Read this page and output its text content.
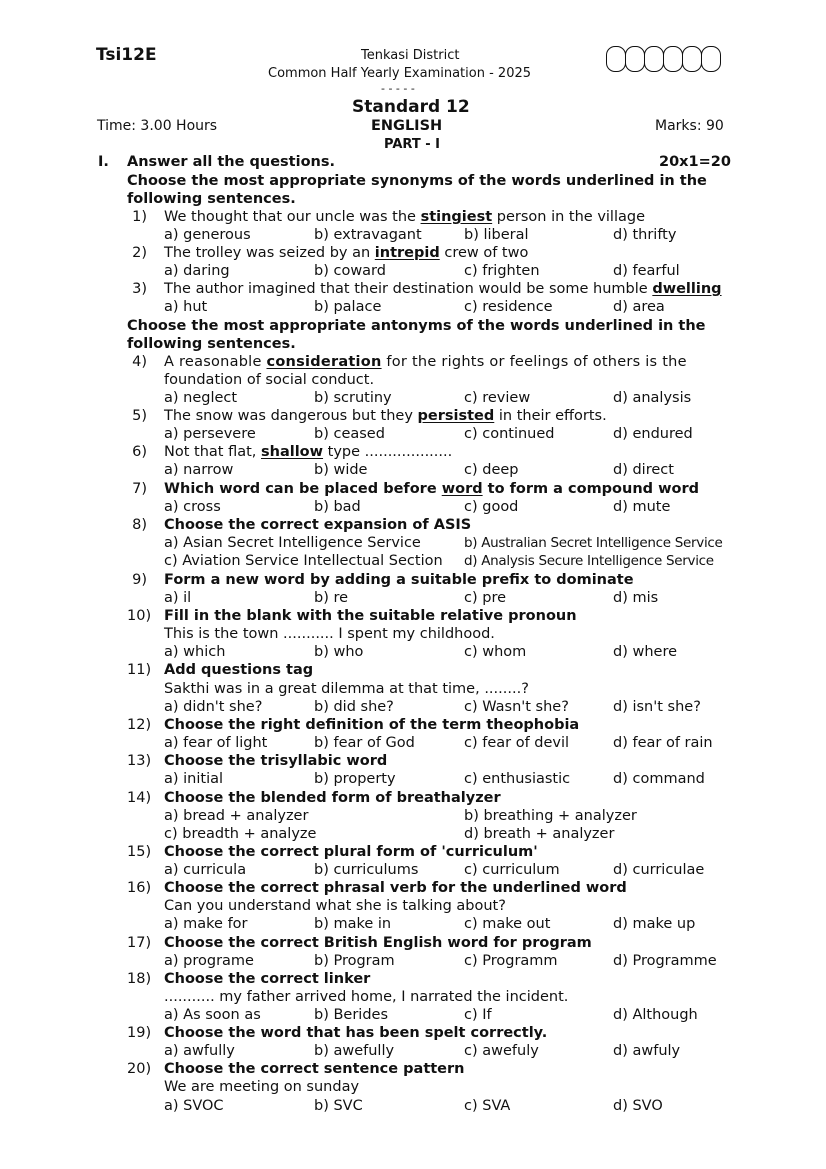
Tsi12E	Tenkasi District
Common Half Yearly Examination - 2025
- - - - -
Standard 12
Time: 3.00 Hours	ENGLISH	Marks: 90
PART - I
I. Answer all the questions.	20x1=20
Choose the most appropriate synonyms of the words underlined in the
following sentences.
1) We thought that our uncle was the stingiest person in the village
a) generous	b) extravagant	b) liberal	d) thrifty
2) The trolley was seized by an intrepid crew of two
a) daring	b) coward	c) frighten	d) fearful
3) The author imagined that their destination would be some humble dwelling
a) hut	b) palace	c) residence	d) area
Choose the most appropriate antonyms of the words underlined in the
following sentences.
4) A reasonable consideration for the rights or feelings of others is the
foundation of social conduct.
a) neglect	b) scrutiny	c) review	d) analysis
5) The snow was dangerous but they persisted in their efforts.
a) persevere	b) ceased	c) continued	d) endured
6) Not that flat, shallow type ...................
a) narrow	b) wide	c) deep	d) direct
7) Which word can be placed before word to form a compound word
a) cross	b) bad	c) good	d) mute
8) Choose the correct expansion of ASIS
a) Asian Secret Intelligence Service	b) Australian Secret Intelligence Service
c) Aviation Service Intellectual Section d) Analysis Secure Intelligence Service
9) Form a new word by adding a suitable prefix to dominate
a) il	b) re	c) pre	d) mis
10) Fill in the blank with the suitable relative pronoun
This is the town ........... I spent my childhood.
a) which	b) who	c) whom	d) where
11) Add questions tag
Sakthi was in a great dilemma at that time, ........?
a) didn't she?	b) did she?	c) Wasn't she?	d) isn't she?
12) Choose the right definition of the term theophobia
a) fear of light	b) fear of God	c) fear of devil	d) fear of rain
13) Choose the trisyllabic word
a) initial	b) property	c) enthusiastic	d) command
14) Choose the blended form of breathalyzer
a) bread + analyzer	b) breathing + analyzer
c) breadth + analyze	d) breath + analyzer
15) Choose the correct plural form of 'curriculum'
a) curricula	b) curriculums	c) curriculum	d) curriculae
16) Choose the correct phrasal verb for the underlined word
Can you understand what she is talking about?
a) make for	b) make in	c) make out	d) make up
17) Choose the correct British English word for program
a) programe	b) Program	c) Programm	d) Programme
18) Choose the correct linker
........... my father arrived home, I narrated the incident.
a) As soon as	b) Berides	c) If	d) Although
19) Choose the word that has been spelt correctly.
a) awfully	b) awefully	c) awefuly	d) awfuly
20) Choose the correct sentence pattern
We are meeting on sunday
a) SVOC	b) SVC	c) SVA	d) SVO
